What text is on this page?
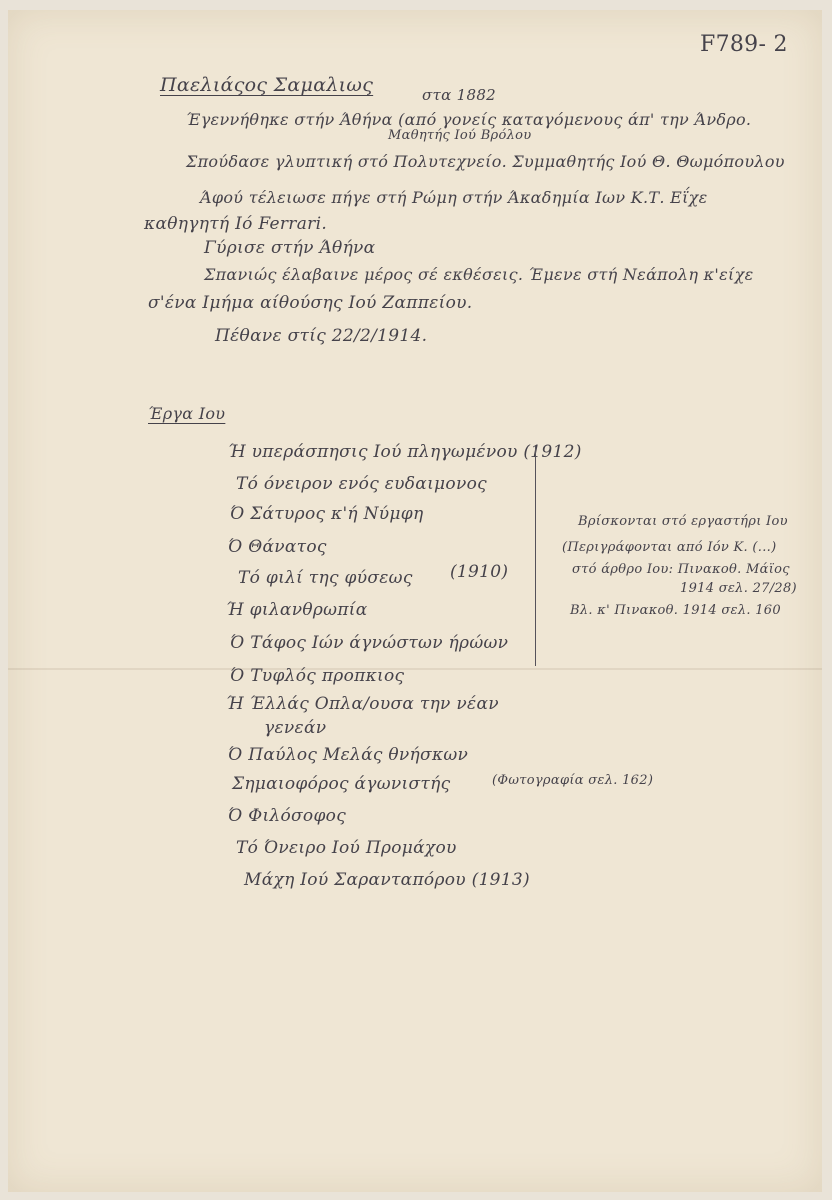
F789- 2
Παελιάςος Σαμαλιως	στα 1882
Μαθητής Ιού Βρόλου
Έγεννήθηκε στήν Άθήνα (από γονείς καταγόμενους άπ' την Άνδρο.
Σπούδασε γλυπτική στό Πολυτεχνείο. Συμμαθητής Ιού Θ. Θωμόπουλου
Άφού τέλειωσε πήγε στή Ρώμη στήν Άκαδημία Ιων Κ.Τ. Εΐχε
καθηγητή Ιό Ferrari.
Γύρισε στήν Άθήνα
Σπανιώς έλαβαινε μέρος σέ εκθέσεις. Έμενε στή Νεάπολη κ'είχε
σ'ένα Ιμήμα αίθούσης Ιού Ζαππείου.
Πέθανε στίς 22/2/1914.
Έργα Ιου
Ή υπεράσπησις Ιού πληγωμένου (1912)
Τό όνειρον ενός ευδαιμονος
Ό Σάτυρος κ'ή Νύμφη
Ό Θάνατος
Τό φιλί της φύσεως (1910)
Ή φιλανθρωπία
Ό Τάφος Ιών άγνώστων ήρώων
Ό Τυφλός προπκιος
Ή Έλλάς Οπλα/ουσα την νέαν
γενεάν
Ό Παύλος Μελάς θνήσκων
Σημαιοφόρος άγωνιστής	(Φωτογραφία σελ. 162)
Ό Φιλόσοφος
Τό Όνειρο Ιού Προμάχου
Μάχη Ιού Σαρανταπόρου (1913)
Βρίσκονται στό εργαστήρι Ιου
(Περιγράφονται από Ιόν Κ. (...)
στό άρθρο Ιου: Πινακοθ. Μάϊος
1914 σελ. 27/28)
Βλ. κ' Πινακοθ. 1914 σελ. 160
